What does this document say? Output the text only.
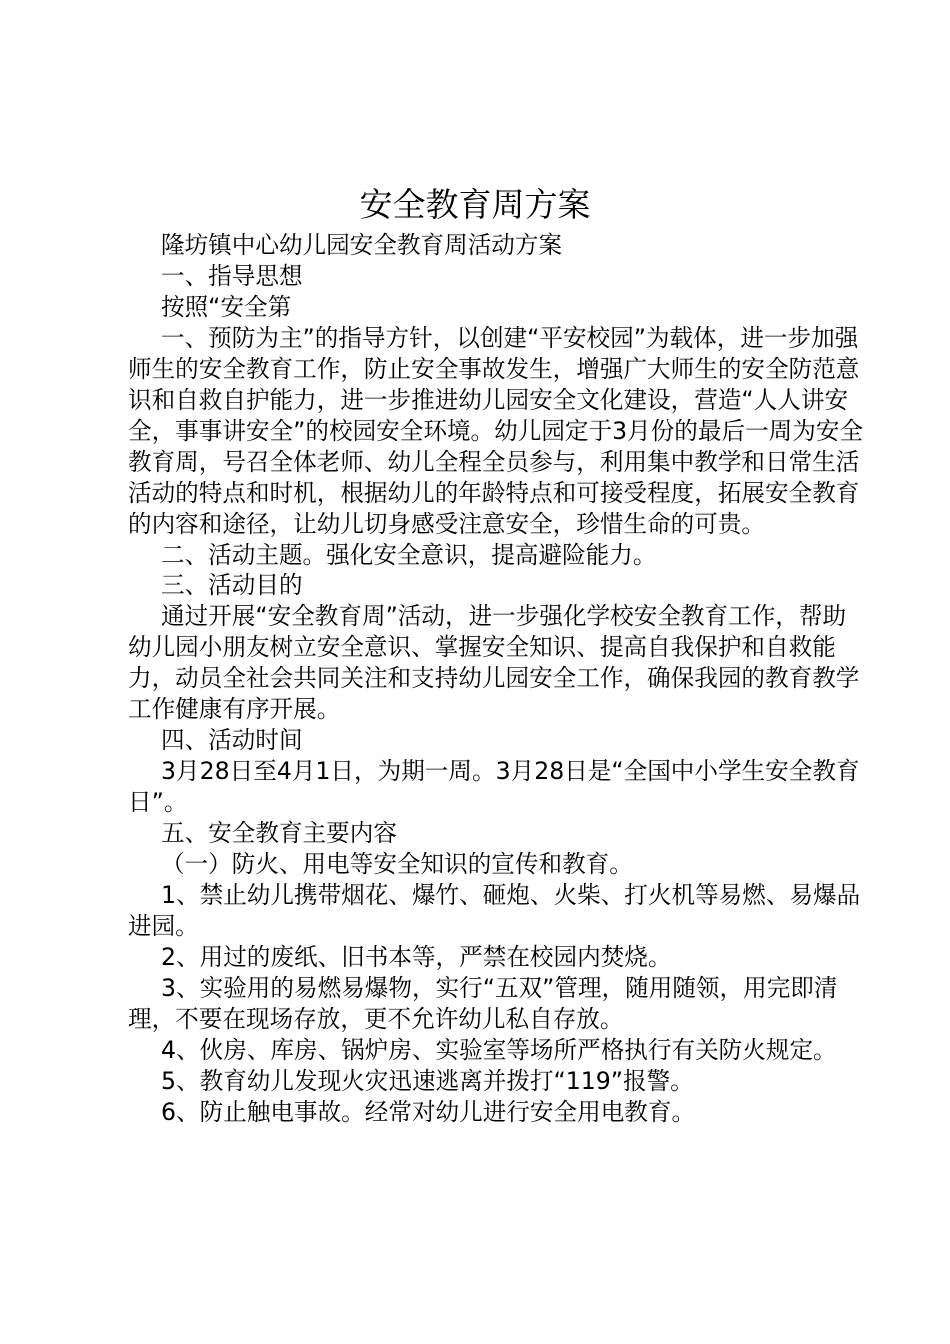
安全教育周方案

隆坊镇中心幼儿园安全教育周活动方案

一、指导思想

按照“安全第

一、预防为主”的指导方针，以创建“平安校园”为载体，进一步加强师生的安全教育工作，防止安全事故发生，增强广大师生的安全防范意识和自救自护能力，进一步推进幼儿园安全文化建设，营造“人人讲安全，事事讲安全”的校园安全环境。幼儿园定于3月份的最后一周为安全教育周，号召全体老师、幼儿全程全员参与，利用集中教学和日常生活活动的特点和时机，根据幼儿的年龄特点和可接受程度，拓展安全教育的内容和途径，让幼儿切身感受注意安全，珍惜生命的可贵。

二、活动主题。强化安全意识，提高避险能力。

三、活动目的

通过开展“安全教育周”活动，进一步强化学校安全教育工作，帮助幼儿园小朋友树立安全意识、掌握安全知识、提高自我保护和自救能力，动员全社会共同关注和支持幼儿园安全工作，确保我园的教育教学工作健康有序开展。

四、活动时间

3月28日至4月1日，为期一周。3月28日是“全国中小学生安全教育日”。

五、安全教育主要内容

（一）防火、用电等安全知识的宣传和教育。

1、禁止幼儿携带烟花、爆竹、砸炮、火柴、打火机等易燃、易爆品进园。

2、用过的废纸、旧书本等，严禁在校园内焚烧。

3、实验用的易燃易爆物，实行“五双”管理，随用随领，用完即清理，不要在现场存放，更不允许幼儿私自存放。

4、伙房、库房、锅炉房、实验室等场所严格执行有关防火规定。

5、教育幼儿发现火灾迅速逃离并拨打“119”报警。

6、防止触电事故。经常对幼儿进行安全用电教育。
